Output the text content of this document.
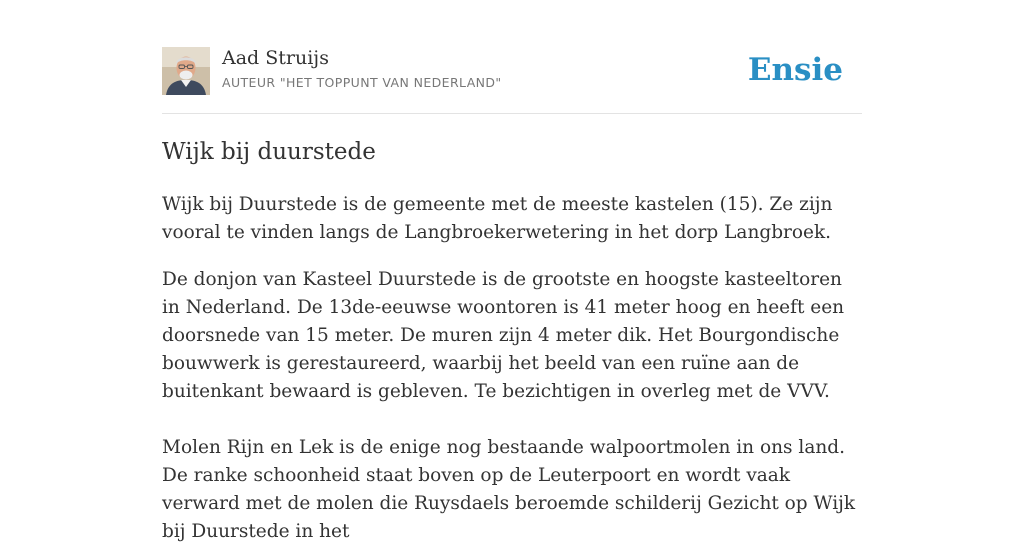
Aad Struijs
AUTEUR "HET TOPPUNT VAN NEDERLAND"	Ensie
Wijk bij duurstede

Wijk bij Duurstede is de gemeente met de meeste kastelen (15). Ze zijn vooral te vinden langs de Langbroekerwetering in het dorp Langbroek.

De donjon van Kasteel Duurstede is de grootste en hoogste kasteeltoren in Nederland. De 13de-eeuwse woontoren is 41 meter hoog en heeft een doorsnede van 15 meter. De muren zijn 4 meter dik. Het Bourgondische bouwwerk is gerestaureerd, waarbij het beeld van een ruïne aan de buitenkant bewaard is gebleven. Te bezichtigen in overleg met de VVV.

Molen Rijn en Lek is de enige nog bestaande walpoortmolen in ons land. De ranke schoonheid staat boven op de Leuterpoort en wordt vaak verward met de molen die Ruysdaels beroemde schilderij Gezicht op Wijk bij Duurstede in het
